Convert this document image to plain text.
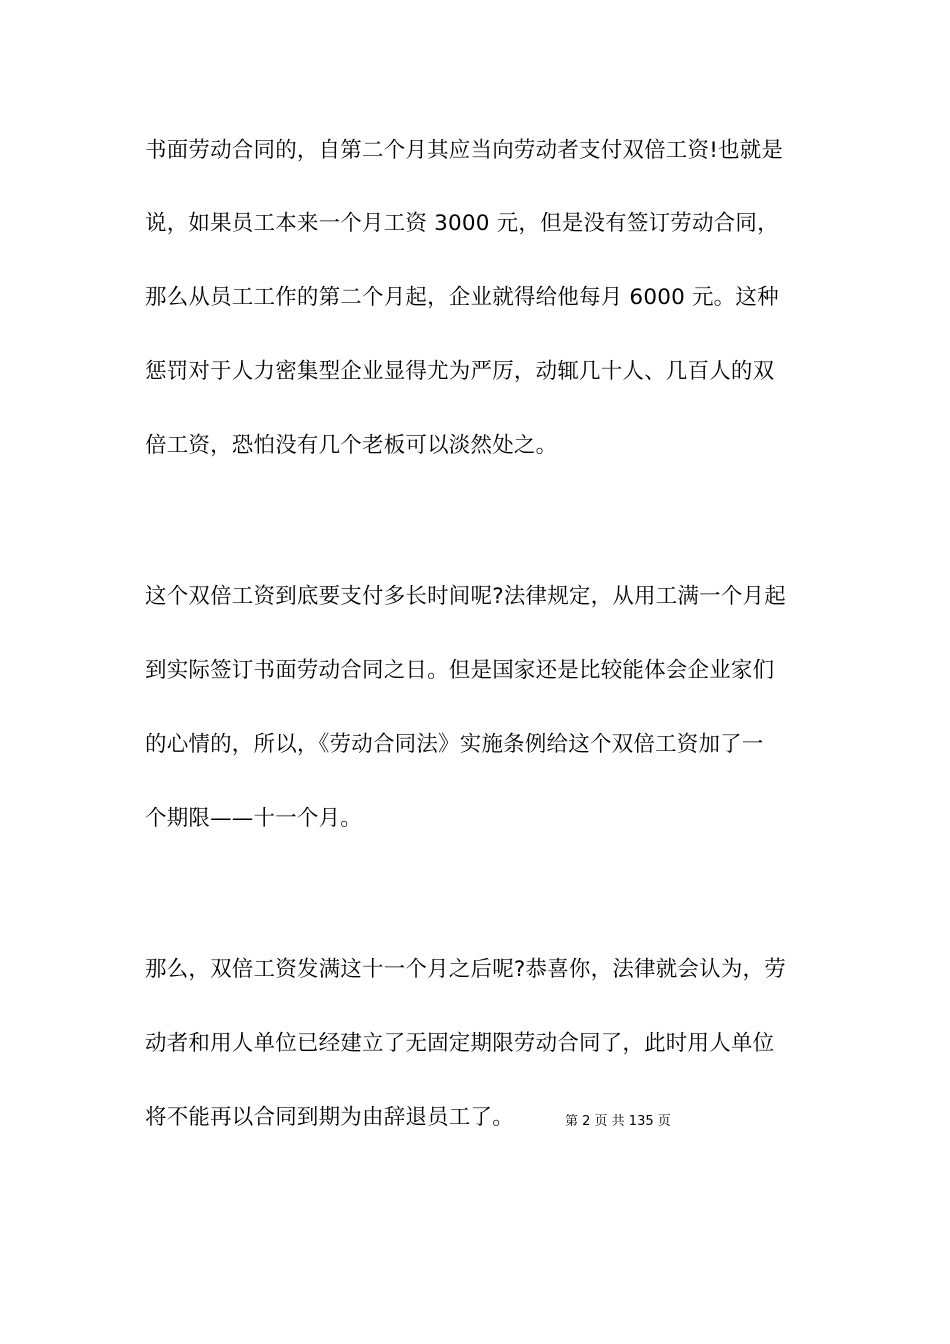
书面劳动合同的，自第二个月其应当向劳动者支付双倍工资!也就是
说，如果员工本来一个月工资 3000 元，但是没有签订劳动合同，
那么从员工工作的第二个月起，企业就得给他每月 6000 元。这种
惩罚对于人力密集型企业显得尤为严厉，动辄几十人、几百人的双
倍工资，恐怕没有几个老板可以淡然处之。
这个双倍工资到底要支付多长时间呢?法律规定，从用工满一个月起
到实际签订书面劳动合同之日。但是国家还是比较能体会企业家们
的心情的，所以，《劳动合同法》实施条例给这个双倍工资加了一
个期限——十一个月。
那么，双倍工资发满这十一个月之后呢?恭喜你，法律就会认为，劳
动者和用人单位已经建立了无固定期限劳动合同了，此时用人单位
将不能再以合同到期为由辞退员工了。	第 2 页 共 135 页
